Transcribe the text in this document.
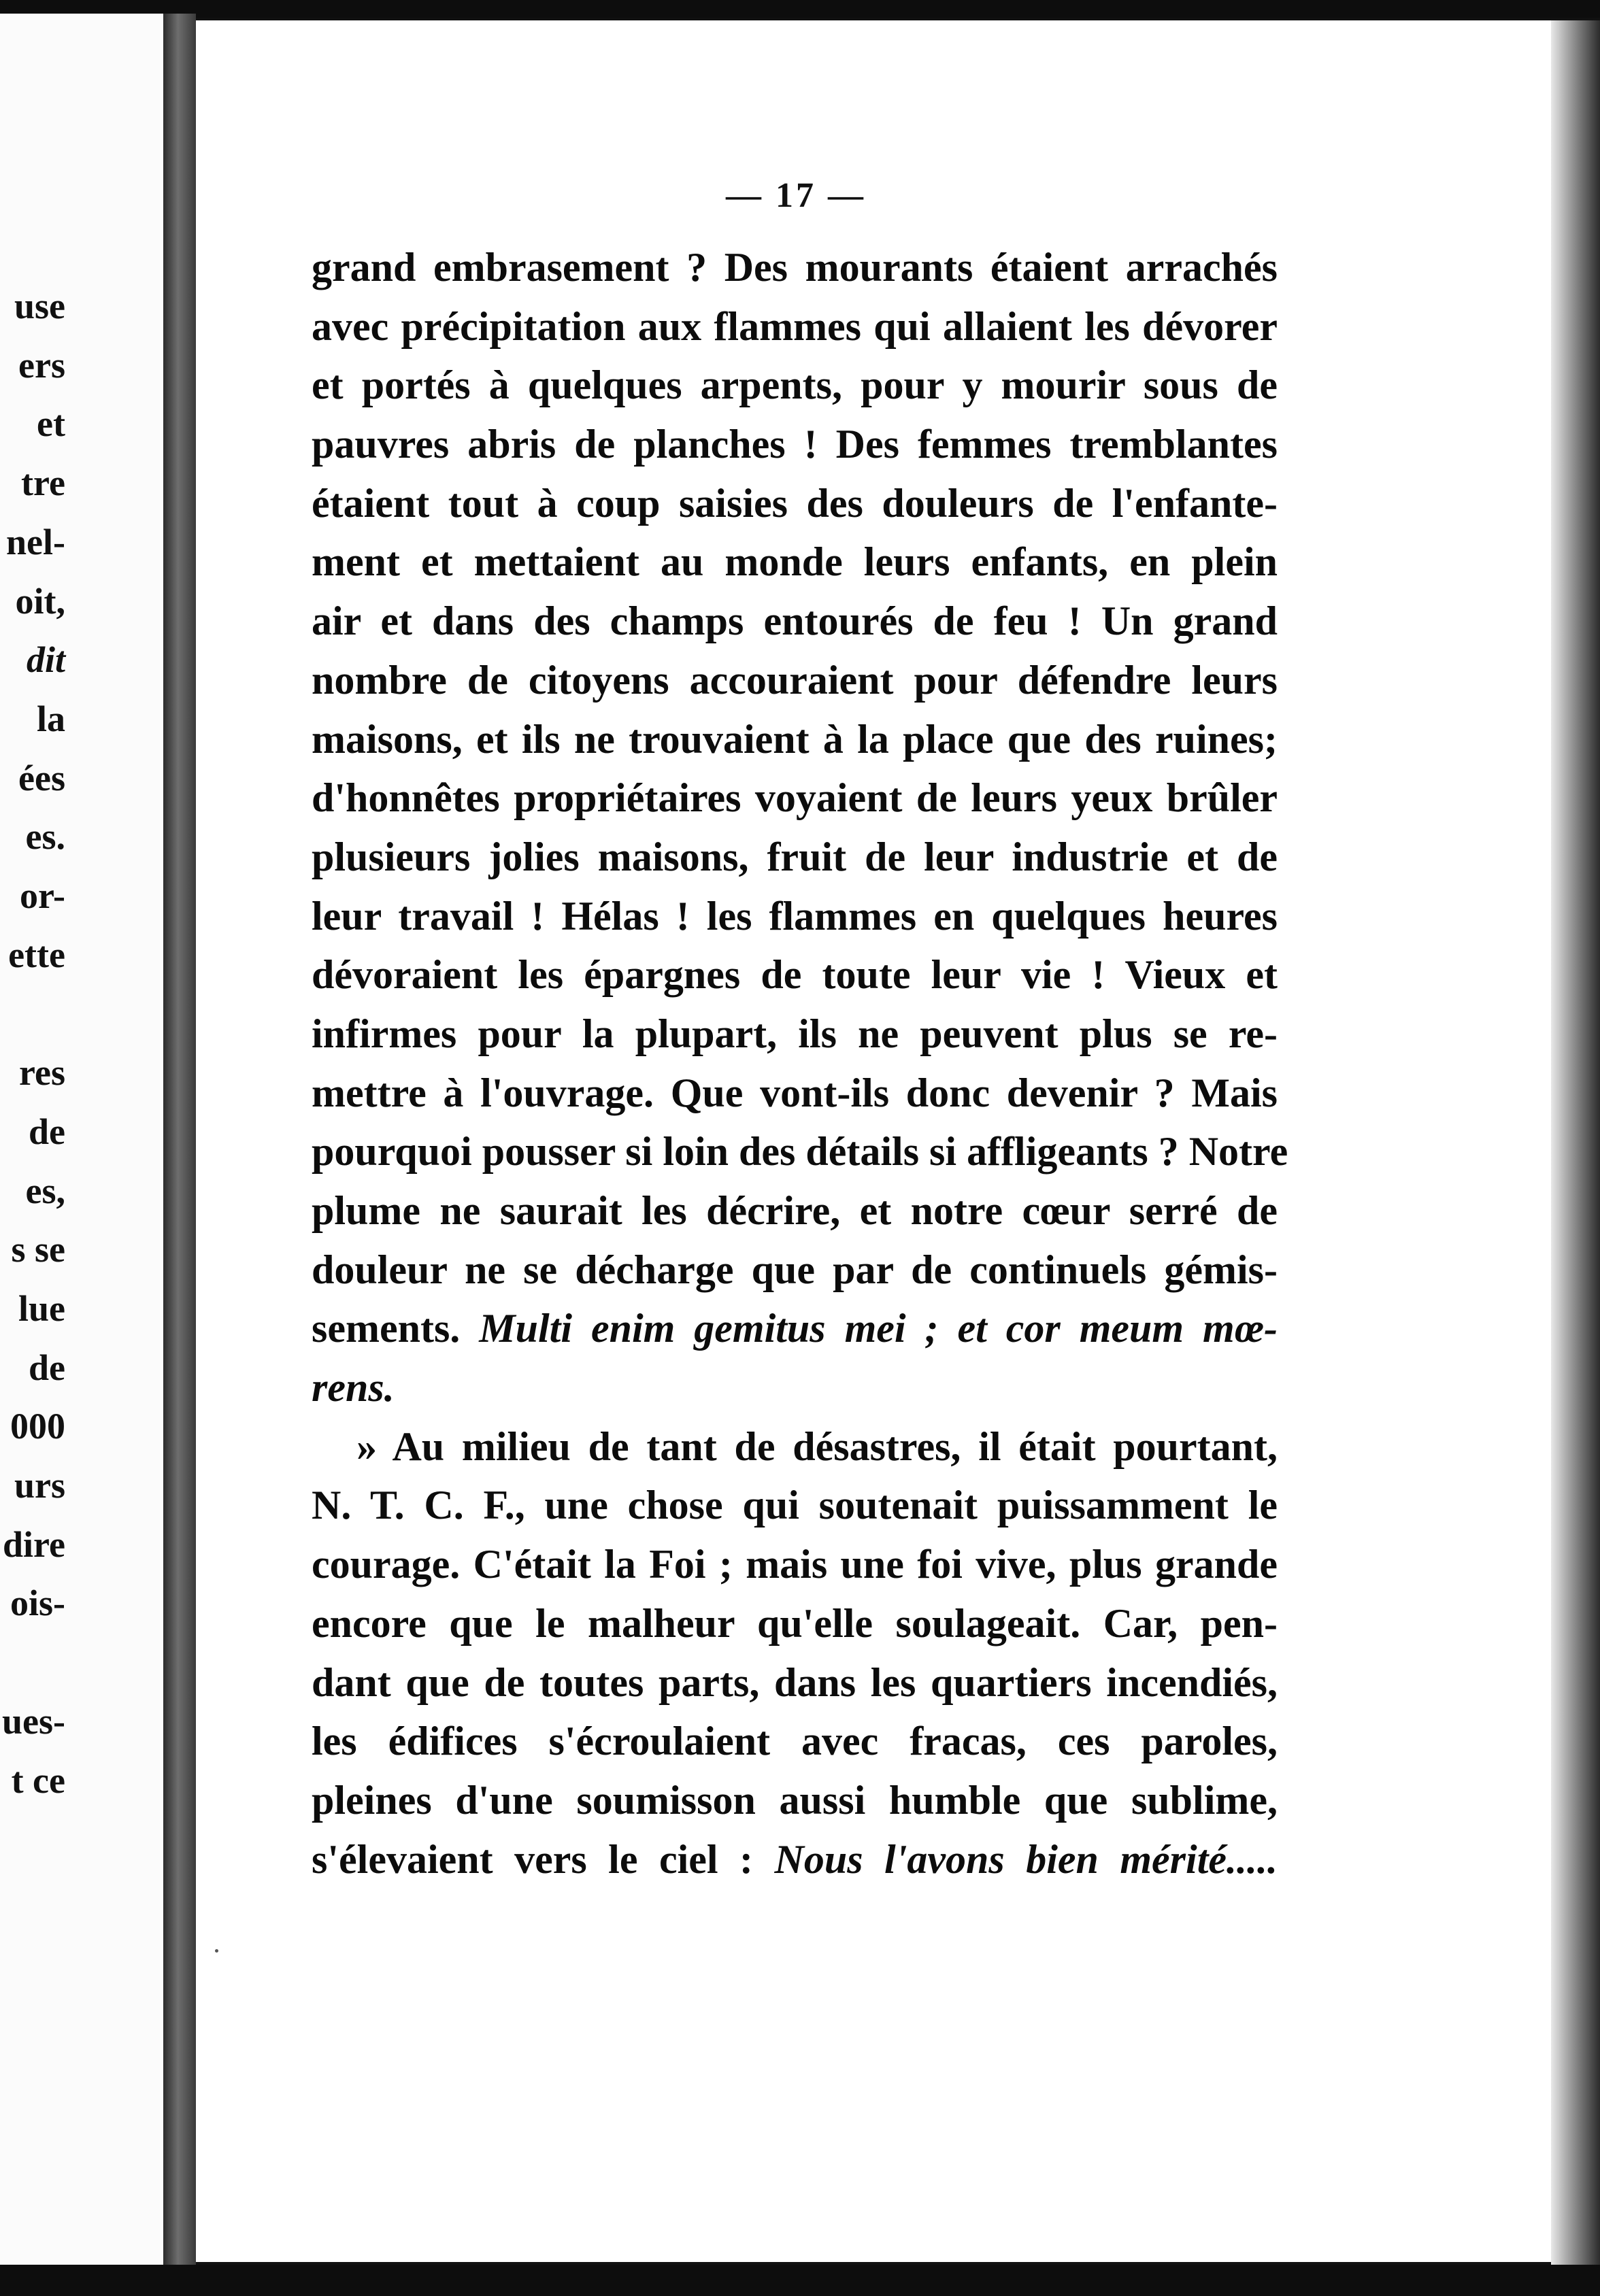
use
ers
et
tre
nel-
oit,
dit
la
ées
es.
or-
ette
res
de
es,
s se
lue
de
000
urs
dire
ois-
ues-
t ce
— 17 —
grand embrasement ? Des mourants étaient arrachés
avec précipitation aux flammes qui allaient les dévorer
et portés à quelques arpents, pour y mourir sous de
pauvres abris de planches ! Des femmes tremblantes
étaient tout à coup saisies des douleurs de l'enfante-
ment et mettaient au monde leurs enfants, en plein
air et dans des champs entourés de feu ! Un grand
nombre de citoyens accouraient pour défendre leurs
maisons, et ils ne trouvaient à la place que des ruines;
d'honnêtes propriétaires voyaient de leurs yeux brûler
plusieurs jolies maisons, fruit de leur industrie et de
leur travail ! Hélas ! les flammes en quelques heures
dévoraient les épargnes de toute leur vie ! Vieux et
infirmes pour la plupart, ils ne peuvent plus se re-
mettre à l'ouvrage. Que vont-ils donc devenir ? Mais
pourquoi pousser si loin des détails si affligeants ? Notre
plume ne saurait les décrire, et notre cœur serré de
douleur ne se décharge que par de continuels gémis-
sements. Multi enim gemitus mei ; et cor meum mœ-
rens.
» Au milieu de tant de désastres, il était pourtant,
N. T. C. F., une chose qui soutenait puissamment le
courage. C'était la Foi ; mais une foi vive, plus grande
encore que le malheur qu'elle soulageait. Car, pen-
dant que de toutes parts, dans les quartiers incendiés,
les édifices s'écroulaient avec fracas, ces paroles,
pleines d'une soumisson aussi humble que sublime,
s'élevaient vers le ciel : Nous l'avons bien mérité.....
